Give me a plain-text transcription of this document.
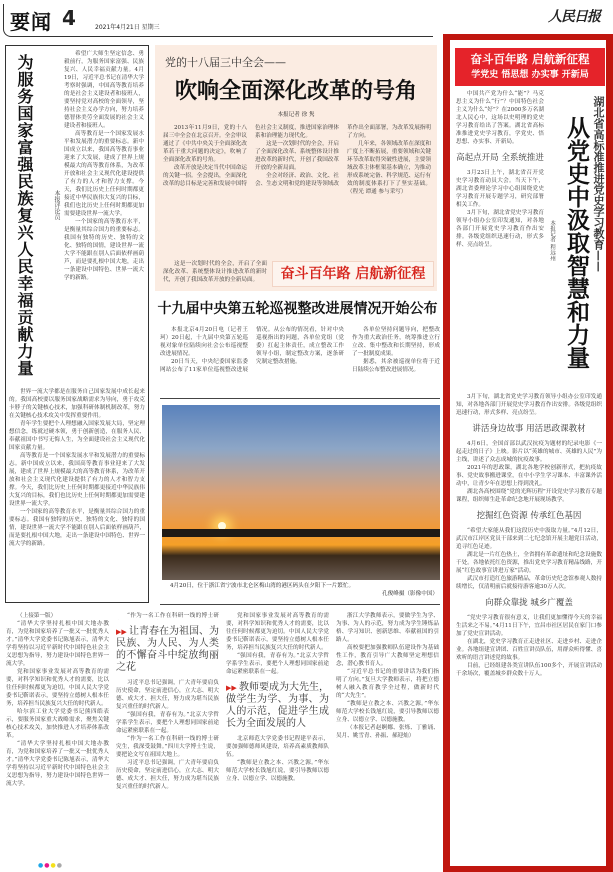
要闻 4	2021年4月21日 星期三
人民日报
为服务国家富强民族复兴人民幸福贡献力量	本报评论员

希望广大师生坚定信念、勇毅前行，为服务国家富强、民族复兴、人民幸福贡献力量。4月19日，习近平总书记在清华大学考察时强调，中国高等教育培养的是社会主义建设者和接班人，要坚持党对高校的全面领导，坚持社会主义办学方向，努力培养德智体美劳全面发展的社会主义建设者和接班人。

高等教育是一个国家发展水平和发展潜力的重要标志。新中国成立以来，我国高等教育事业迎来了大发展，建成了世界上规模最大的高等教育体系，为改革开放和社会主义现代化建设提供了有力的人才和智力支撑。今天，我们比历史上任何时期都更接近中华民族伟大复兴的目标，我们也比历史上任何时期都更加需要建设世界一流大学。

一个国家的高等教育水平，是衡量其综合国力的重要标志。我国有独特的历史、独特的文化、独特的国情，建设世界一流大学不能跟在别人后面依样画葫芦，而是要扎根中国大地，走出一条建设中国特色、世界一流大学的新路。

世界一流大学都是在服务自己国家发展中成长起来的。我国高校要以服务国家战略需求为导向，勇于攻克卡脖子的关键核心技术，加强科研体制机制改革，努力在关键核心技术攻关中发挥重要作用。

青年学生要把个人理想融入国家发展大局，坚定理想信念，练就过硬本领，勇于创新创造，在服务人民、奉献祖国中书写无悔人生，为全面建设社会主义现代化国家贡献力量。

高等教育是一个国家发展水平和发展潜力的重要标志。新中国成立以来，我国高等教育事业迎来了大发展，建成了世界上规模最大的高等教育体系，为改革开放和社会主义现代化建设提供了有力的人才和智力支撑。今天，我们比历史上任何时期都更接近中华民族伟大复兴的目标，我们也比历史上任何时期都更加需要建设世界一流大学。

一个国家的高等教育水平，是衡量其综合国力的重要标志。我国有独特的历史、独特的文化、独特的国情，建设世界一流大学不能跟在别人后面依样画葫芦，而是要扎根中国大地，走出一条建设中国特色、世界一流大学的新路。

党的十八届三中全会——
吹响全面深化改革的号角
本报记者 徐 隽

2013年11月9日，党的十八届三中全会在北京召开。全会审议通过了《中共中央关于全面深化改革若干重大问题的决定》，吹响了全面深化改革的号角。

改革开放是决定当代中国命运的关键一招。全会提出，全面深化改革的总目标是完善和发展中国特色社会主义制度，推进国家治理体系和治理能力现代化。

这是一次划时代的全会，开启了全面深化改革、系统整体设计推进改革的新时代，开创了我国改革开放的全新局面。

全会对经济、政治、文化、社会、生态文明和党的建设等领域改革作出全面部署，为改革发展指明了方向。

几年来，各领域改革在深度和广度上不断拓展，重要领域和关键环节改革取得突破性进展，主要领域改革主体框架基本确立，为推动形成系统完备、科学规范、运行有效的制度体系打下了坚实基础。（程光 谭通 参与采写）

这是一次划时代的全会，开启了全面深化改革、系统整体设计推进改革的新时代，开创了我国改革开放的全新局面。	奋斗百年路 启航新征程
十九届中央第五轮巡视整改进展情况开始公布

本报北京4月20日电（记者王珂）20日起，十九届中央第五轮巡视对象单位陆续向社会公布巡视整改进展情况。

20日当天，中央纪委国家监委网站公布了11家单位巡视整改进展情况。从公布的情况看，针对中央巡视指出的问题，各单位党组（党委）扛起主体责任，成立整改工作领导小组，制定整改方案，逐条研究制定整改措施。

各单位坚持问题导向，把整改作为重大政治任务，统筹推进立行立改、集中整改和长期坚持，形成了一批制度成果。

据悉，其余被巡视单位将于近日陆续公布整改进展情况。

4月20日，位于浙江省宁波市北仑区梅山湾的港区码头在夕阳下一片繁忙。
孔俊峰摄（影像中国）

（上接第一版）

“清华大学坚持扎根中国大地办教育，为党和国家培养了一批又一批优秀人才。”清华大学党委书记陈旭表示，清华大学将坚持以习近平新时代中国特色社会主义思想为指导，努力建设中国特色世界一流大学。

党和国家事业发展对高等教育的需要，对科学知识和优秀人才的需要，比以往任何时候都更为迫切。中国人民大学党委书记靳诺表示，要坚持立德树人根本任务，培养担当民族复兴大任的时代新人。

哈尔滨工业大学党委书记熊四皓表示，要服务国家重大战略需求，聚焦关键核心技术攻关，加快推进人才培养体系改革。

“清华大学坚持扎根中国大地办教育，为党和国家培养了一批又一批优秀人才。”清华大学党委书记陈旭表示，清华大学将坚持以习近平新时代中国特色社会主义思想为指导，努力建设中国特色世界一流大学。

“作为一名工作在科研一线的博士研

▶▶ 让青春在为祖国、为民族、为人民、为人类的不懈奋斗中绽放绚丽之花

习近平总书记强调，广大青年要肩负历史使命，坚定前进信心，立大志、明大德、成大才、担大任，努力成为堪当民族复兴重任的时代新人。

“强国有我，青春有为。”北京大学哲学系学生表示，要把个人理想同国家前途命运紧密联系在一起。

“作为一名工作在科研一线的博士研究生，我深受鼓舞。”四川大学博士生说，要把论文写在祖国大地上。

习近平总书记强调，广大青年要肩负历史使命，坚定前进信心，立大志、明大德、成大才、担大任，努力成为堪当民族复兴重任的时代新人。

党和国家事业发展对高等教育的需要，对科学知识和优秀人才的需要，比以往任何时候都更为迫切。中国人民大学党委书记靳诺表示，要坚持立德树人根本任务，培养担当民族复兴大任的时代新人。

“强国有我，青春有为。”北京大学哲学系学生表示，要把个人理想同国家前途命运紧密联系在一起。

▶▶ 教师要成为大先生，做学生为学、为事、为人的示范，促进学生成长为全面发展的人

北京师范大学党委书记程建平表示，要加强师德师风建设，培养高素质教师队伍。

“教师是立教之本、兴教之源。”华东师范大学校长钱旭红说，要引导教师以德立身、以德立学、以德施教。

浙江大学教师表示，要做学生为学、为事、为人的示范，努力成为学生锤炼品格、学习知识、创新思维、奉献祖国的引路人。

高校要把加强教师队伍建设作为基础性工作，教育引导广大教师坚定理想信念，潜心教书育人。

“习近平总书记的重要讲话为我们指明了方向。”复旦大学教师表示，将把立德树人融入教育教学全过程，做新时代的“大先生”。

“教师是立教之本、兴教之源。”华东师范大学校长钱旭红说，要引导教师以德立身、以德立学、以德施教。

（本报记者赵婀娜、张烁、丁雅诵、吴月、姚雪青、孙振、郝迎灿）

●●●●
奋斗百年路 启航新征程
学党史 悟思想 办实事 开新局
湖北省高标准推进党史学习教育——
从党史中汲取智慧和力量
本报记者 程远州

中国共产党为什么“能”？马克思主义为什么“行”？中国特色社会主义为什么“好”？在2000多万名湖北人民心中，这场以史明理的党史学习教育给出了答案。湖北省高标准推进党史学习教育，学党史、悟思想、办实事、开新局。

高起点开局 全系统推进

3月23日上午，湖北省召开党史学习教育动员大会。当天下午，湖北省委理论学习中心组围绕党史学习教育开展专题学习，研究部署相关工作。

3月下旬，湖北省党史学习教育领导小组办公室印发通知，对各地各部门开展党史学习教育作出安排。各级党组织迅速行动，形式多样、亮点纷呈。

3月下旬，湖北省党史学习教育领导小组办公室印发通知，对各地各部门开展党史学习教育作出安排。各级党组织迅速行动，形式多样、亮点纷呈。

讲活身边故事 用活思政课教材

4月6日，全国首部以武汉抗疫为题材的纪录电影《一起走过的日子》上映。影片以“英雄的城市、英雄的人民”为主线，讲述了众志成城的抗疫故事。

2021年的思政课，湖北各地学校创新形式，把抗疫故事、党史故事搬进课堂，在中小学生学习课本、丰富课外活动中，让青少年在思想上得到洗礼。

湖北各高校围绕“党的光辉历程”开设党史学习教育专题课程，组织师生赴革命纪念地开展现场教学。

挖掘红色资源 传承红色基因

“希望大家能从我们这段历史中汲取力量。”4月12日，武汉市江岸区党员干部来到二七纪念馆开展主题党日活动，追寻红色足迹。

湖北是一片红色热土，全省拥有革命遗址和纪念设施数千处。各地依托红色资源，推出党史学习教育精品线路，开展“红色故事宣讲进万家”活动。

武汉市打造红色旅游精品，革命历史纪念馆参观人数持续增长，仅清明前后就接待游客逾30万人次。

向群众靠拢 城乡广覆盖

“党史学习教育很有意义，让我们更加懂得今天的幸福生活来之不易。”4月11日下午，宜昌市社区居民在家门口参加了党史宣讲活动。

在湖北，党史学习教育正走进社区、走进乡村、走进企业。各地组建宣讲团、百姓宣讲员队伍，用群众听得懂、喜欢听的语言讲述党的故事。

目前，已经组建各类宣讲队伍100多个，开展宣讲活动千余场次，覆盖城乡群众数十万人。
